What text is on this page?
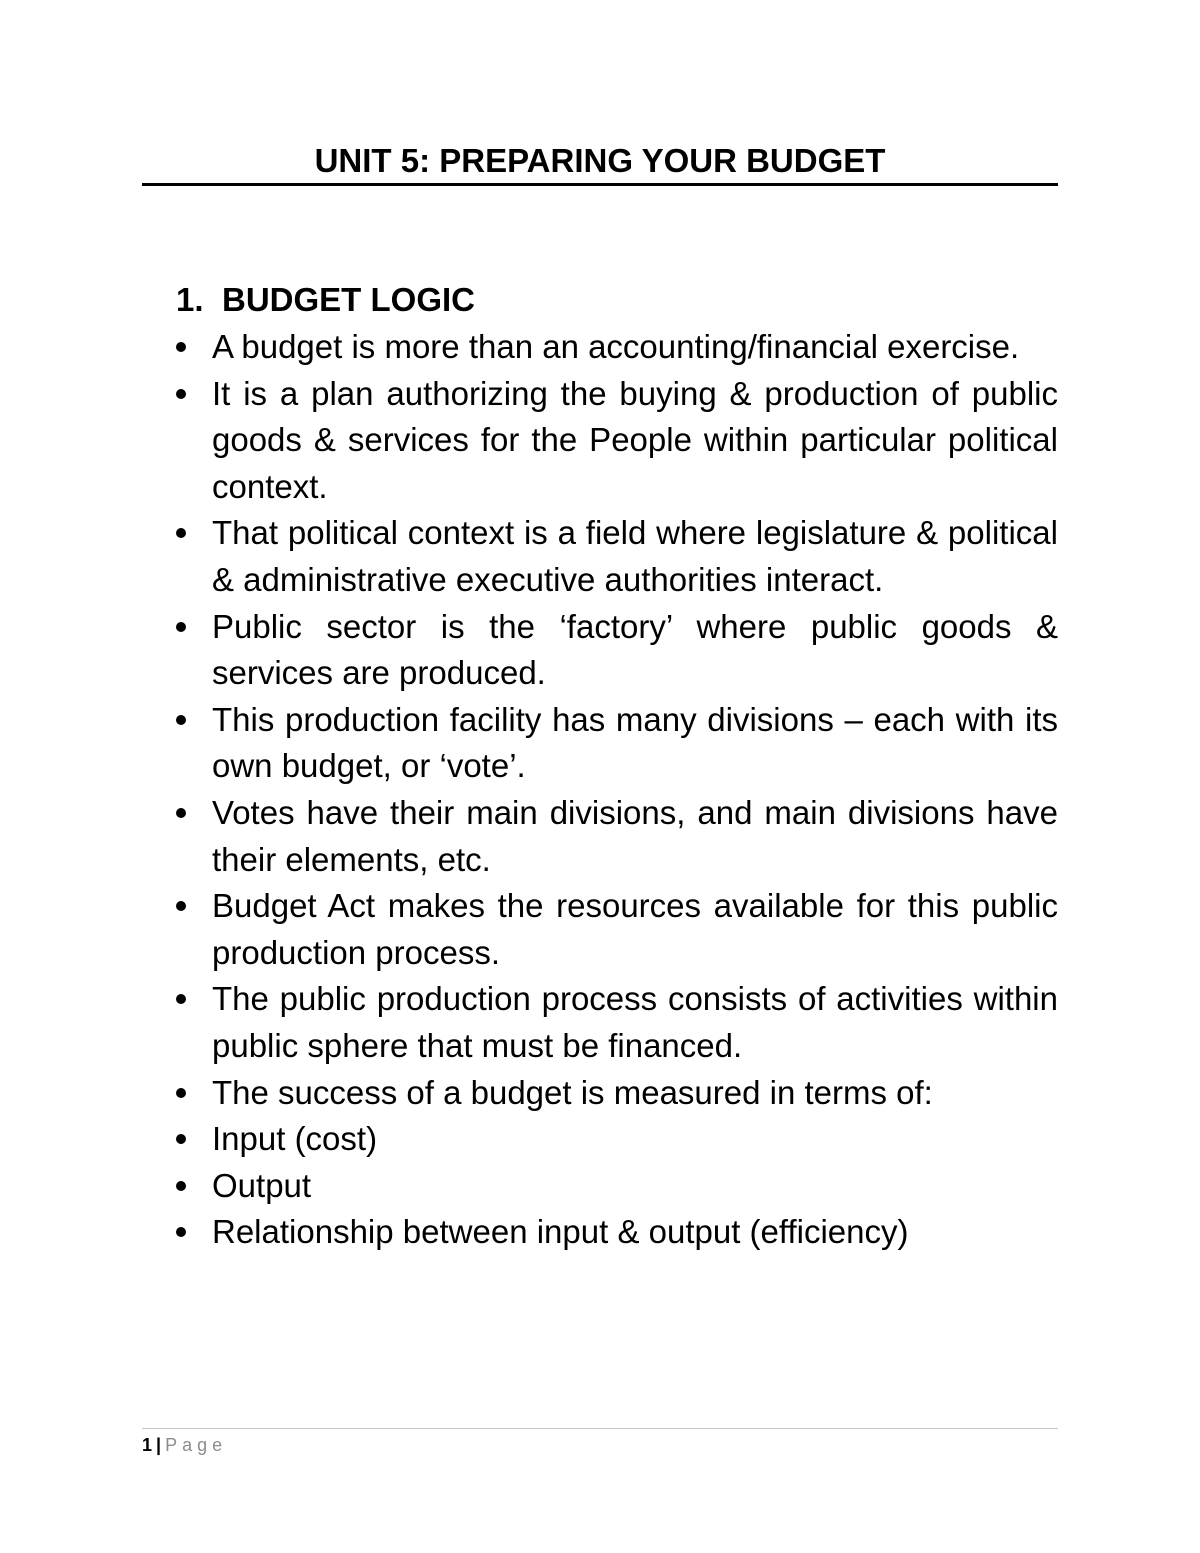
UNIT 5: PREPARING YOUR BUDGET
1. BUDGET LOGIC
A budget is more than an accounting/financial exercise.
It is a plan authorizing the buying & production of public goods & services for the People within particular political context.
That political context is a field where legislature & political & administrative executive authorities interact.
Public sector is the ‘factory’ where public goods & services are produced.
This production facility has many divisions – each with its own budget, or ‘vote’.
Votes have their main divisions, and main divisions have their elements, etc.
Budget Act makes the resources available for this public production process.
The public production process consists of activities within public sphere that must be financed.
The success of a budget is measured in terms of:
Input (cost)
Output
Relationship between input & output (efficiency)
1 | Page
